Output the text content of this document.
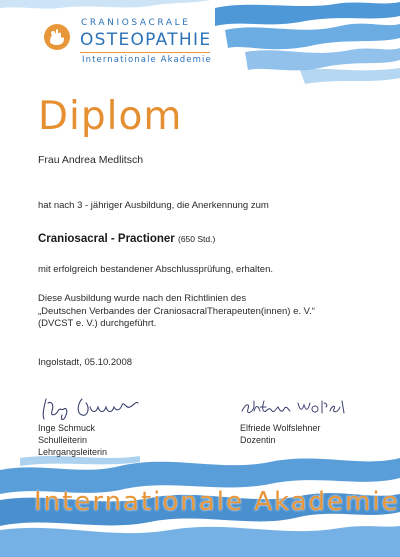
CRANIOSACRALE
OSTEOPATHIE
Internationale Akademie
Diplom
Frau Andrea Medlitsch
hat nach 3 - jähriger Ausbildung, die Anerkennung zum
Craniosacral - Practioner (650 Std.)
mit erfolgreich bestandener Abschlussprüfung, erhalten.
Diese Ausbildung wurde nach den Richtlinien des
„Deutschen Verbandes der CraniosacralTherapeuten(innen) e. V.“
(DVCST e. V.) durchgeführt.
Ingolstadt, 05.10.2008
Inge Schmuck
Schulleiterin
Lehrgangsleiterin
Elfriede Wolfslehner
Dozentin
Internationale Akademie
